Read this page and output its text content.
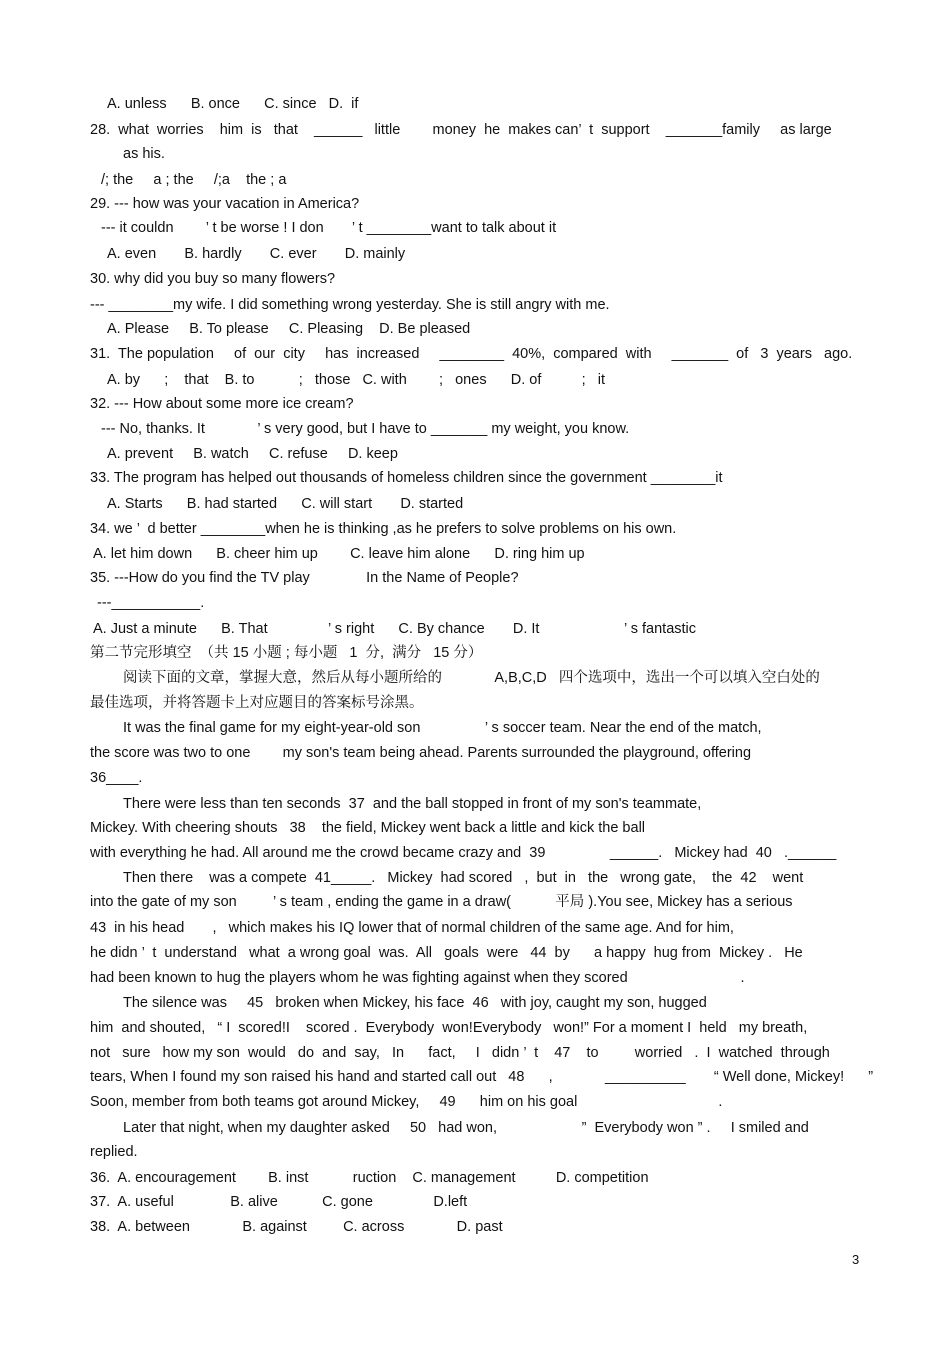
A. unless      B. once      C. since   D.  if
28.  what  worries    him  is   that    ______   little        money  he  makes can’  t  support    _______family     as large
as his.
/; the     a ; the     /;a    the ; a
29. --- how was your vacation in America?
--- it couldn        ’ t be worse ! I don       ’ t ________want to talk about it
A. even       B. hardly       C. ever       D. mainly
30. why did you buy so many flowers?
--- ________my wife. I did something wrong yesterday. She is still angry with me.
A. Please     B. To please     C. Pleasing    D. Be pleased
31.  The population     of  our  city     has  increased     ________  40%,  compared  with     _______  of   3  years   ago.
A. by      ;    that    B. to           ;   those   C. with        ;   ones      D. of          ;   it
32. --- How about some more ice cream?
--- No, thanks. It             ’ s very good, but I have to _______ my weight, you know.
A. prevent     B. watch     C. refuse     D. keep
33. The program has helped out thousands of homeless children since the government ________it
A. Starts      B. had started      C. will start       D. started
34. we ’  d better ________when he is thinking ,as he prefers to solve problems on his own.
A. let him down      B. cheer him up        C. leave him alone      D. ring him up
35. ---How do you find the TV play              In the Name of People?
---___________.
A. Just a minute      B. That               ’ s right      C. By chance       D. It                     ’ s fantastic
第二节完形填空  （共 15 小题 ; 每小题   1  分,  满分   15 分）
阅读下面的文章，掌握大意，然后从每小题所给的             A,B,C,D   四个选项中，选出一个可以填入空白处的
最佳选项，并将答题卡上对应题目的答案标号涂黑。
It was the final game for my eight-year-old son                ’ s soccer team. Near the end of the match,
the score was two to one        my son's team being ahead. Parents surrounded the playground, offering
36____.
There were less than ten seconds  37  and the ball stopped in front of my son's teammate,
Mickey. With cheering shouts   38    the field, Mickey went back a little and kick the ball
with everything he had. All around me the crowd became crazy and  39                ______.   Mickey had  40   .______
Then there    was a compete  41_____.   Mickey  had scored   ,  but  in   the   wrong gate,    the  42    went
into the gate of my son         ’ s team , ending the game in a draw(           平局 ).You see, Mickey has a serious
43  in his head       ,   which makes his IQ lower that of normal children of the same age. And for him,
he didn ’  t  understand   what  a wrong goal  was.  All   goals  were   44  by      a happy  hug from  Mickey .   He
had been known to hug the players whom he was fighting against when they scored                            .
The silence was     45   broken when Mickey, his face  46   with joy, caught my son, hugged
him  and shouted,   “ I  scored!I    scored .  Everybody  won!Everybody   won!” For a moment I  held   my breath,
not   sure   how my son  would   do  and  say,   In      fact,     I   didn ’  t    47    to         worried   .  I  watched  through
tears, When I found my son raised his hand and started call out   48      ,             __________       “ Well done, Mickey!      ”
Soon, member from both teams got around Mickey,     49      him on his goal                                   .
Later that night, when my daughter asked     50   had won,                     ”  Everybody won ” .     I smiled and
replied.
36.  A. encouragement        B. inst           ruction    C. management          D. competition
37.  A. useful              B. alive           C. gone               D.left
38.  A. between             B. against         C. across             D. past
3
